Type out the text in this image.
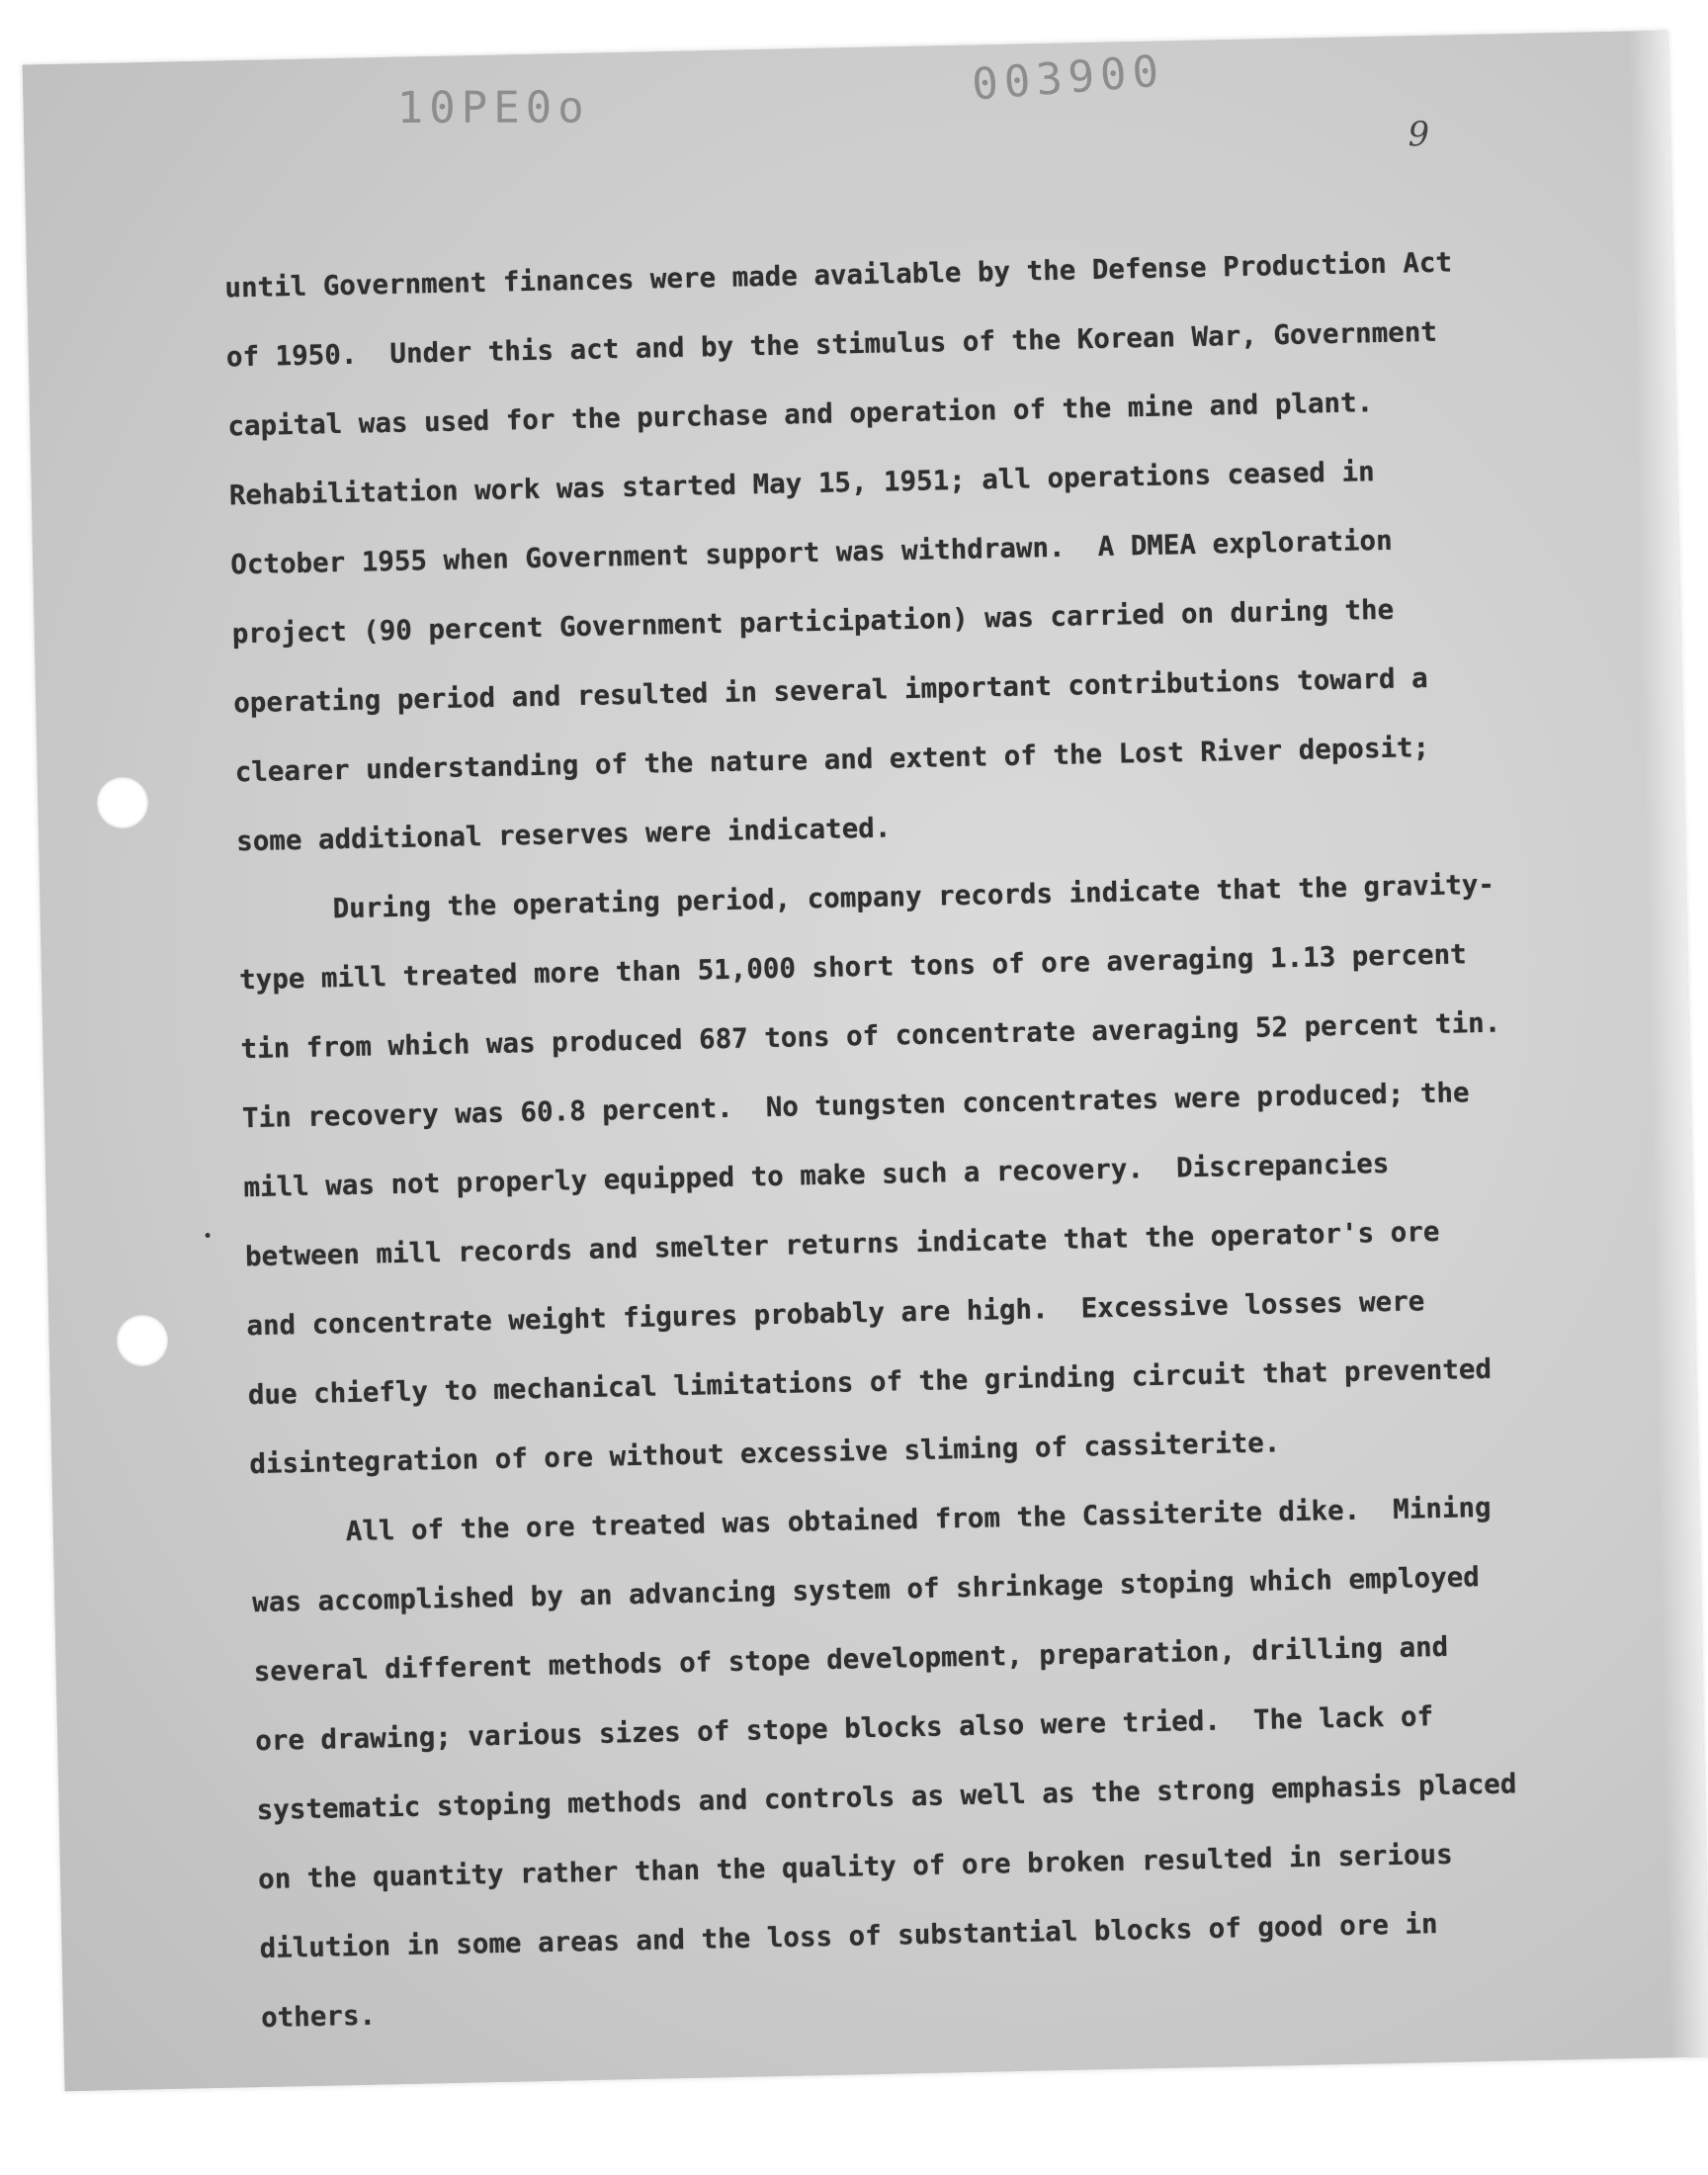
10PE0o	003900
9
until Government finances were made available by the Defense Production Act
of 1950.  Under this act and by the stimulus of the Korean War, Government
capital was used for the purchase and operation of the mine and plant.
Rehabilitation work was started May 15, 1951; all operations ceased in
October 1955 when Government support was withdrawn.  A DMEA exploration
project (90 percent Government participation) was carried on during the
operating period and resulted in several important contributions toward a
clearer understanding of the nature and extent of the Lost River deposit;
some additional reserves were indicated.
During the operating period, company records indicate that the gravity-
type mill treated more than 51,000 short tons of ore averaging 1.13 percent
tin from which was produced 687 tons of concentrate averaging 52 percent tin.
Tin recovery was 60.8 percent.  No tungsten concentrates were produced; the
mill was not properly equipped to make such a recovery.  Discrepancies
between mill records and smelter returns indicate that the operator's ore
and concentrate weight figures probably are high.  Excessive losses were
due chiefly to mechanical limitations of the grinding circuit that prevented
disintegration of ore without excessive sliming of cassiterite.
All of the ore treated was obtained from the Cassiterite dike.  Mining
was accomplished by an advancing system of shrinkage stoping which employed
several different methods of stope development, preparation, drilling and
ore drawing; various sizes of stope blocks also were tried.  The lack of
systematic stoping methods and controls as well as the strong emphasis placed
on the quantity rather than the quality of ore broken resulted in serious
dilution in some areas and the loss of substantial blocks of good ore in
others.
